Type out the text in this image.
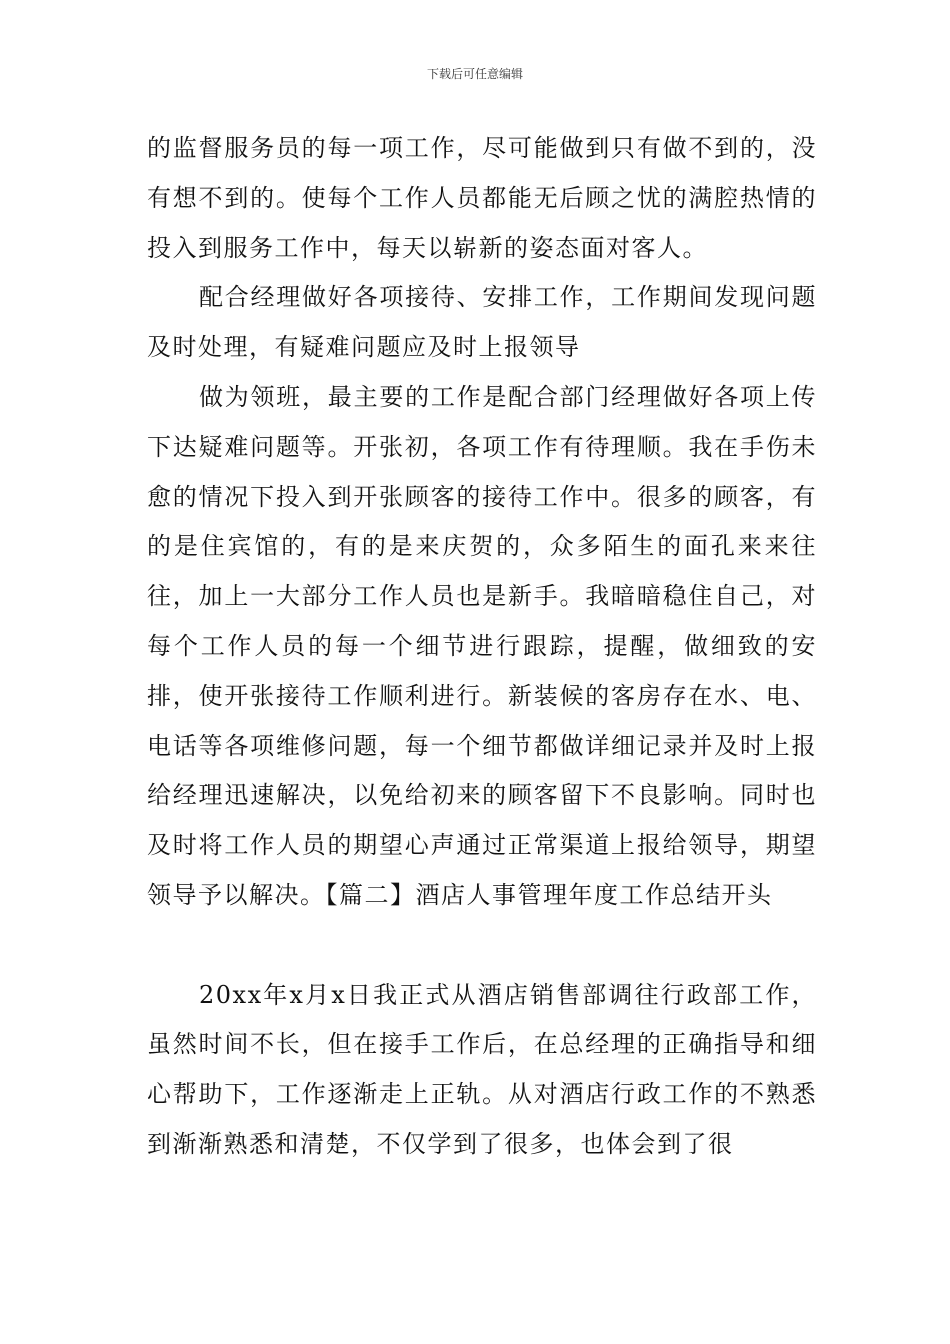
下载后可任意编辑

的监督服务员的每一项工作，尽可能做到只有做不到的，没有想不到的。使每个工作人员都能无后顾之忧的满腔热情的投入到服务工作中，每天以崭新的姿态面对客人。

配合经理做好各项接待、安排工作，工作期间发现问题及时处理，有疑难问题应及时上报领导

做为领班，最主要的工作是配合部门经理做好各项上传下达疑难问题等。开张初，各项工作有待理顺。我在手伤未愈的情况下投入到开张顾客的接待工作中。很多的顾客，有的是住宾馆的，有的是来庆贺的，众多陌生的面孔来来往往，加上一大部分工作人员也是新手。我暗暗稳住自己，对每个工作人员的每一个细节进行跟踪，提醒，做细致的安排，使开张接待工作顺利进行。新装候的客房存在水、电、电话等各项维修问题，每一个细节都做详细记录并及时上报给经理迅速解决，以免给初来的顾客留下不良影响。同时也及时将工作人员的期望心声通过正常渠道上报给领导，期望领导予以解决。【篇二】酒店人事管理年度工作总结开头

20xx年x月x日我正式从酒店销售部调往行政部工作，虽然时间不长，但在接手工作后，在总经理的正确指导和细心帮助下，工作逐渐走上正轨。从对酒店行政工作的不熟悉到渐渐熟悉和清楚，不仅学到了很多，也体会到了很
